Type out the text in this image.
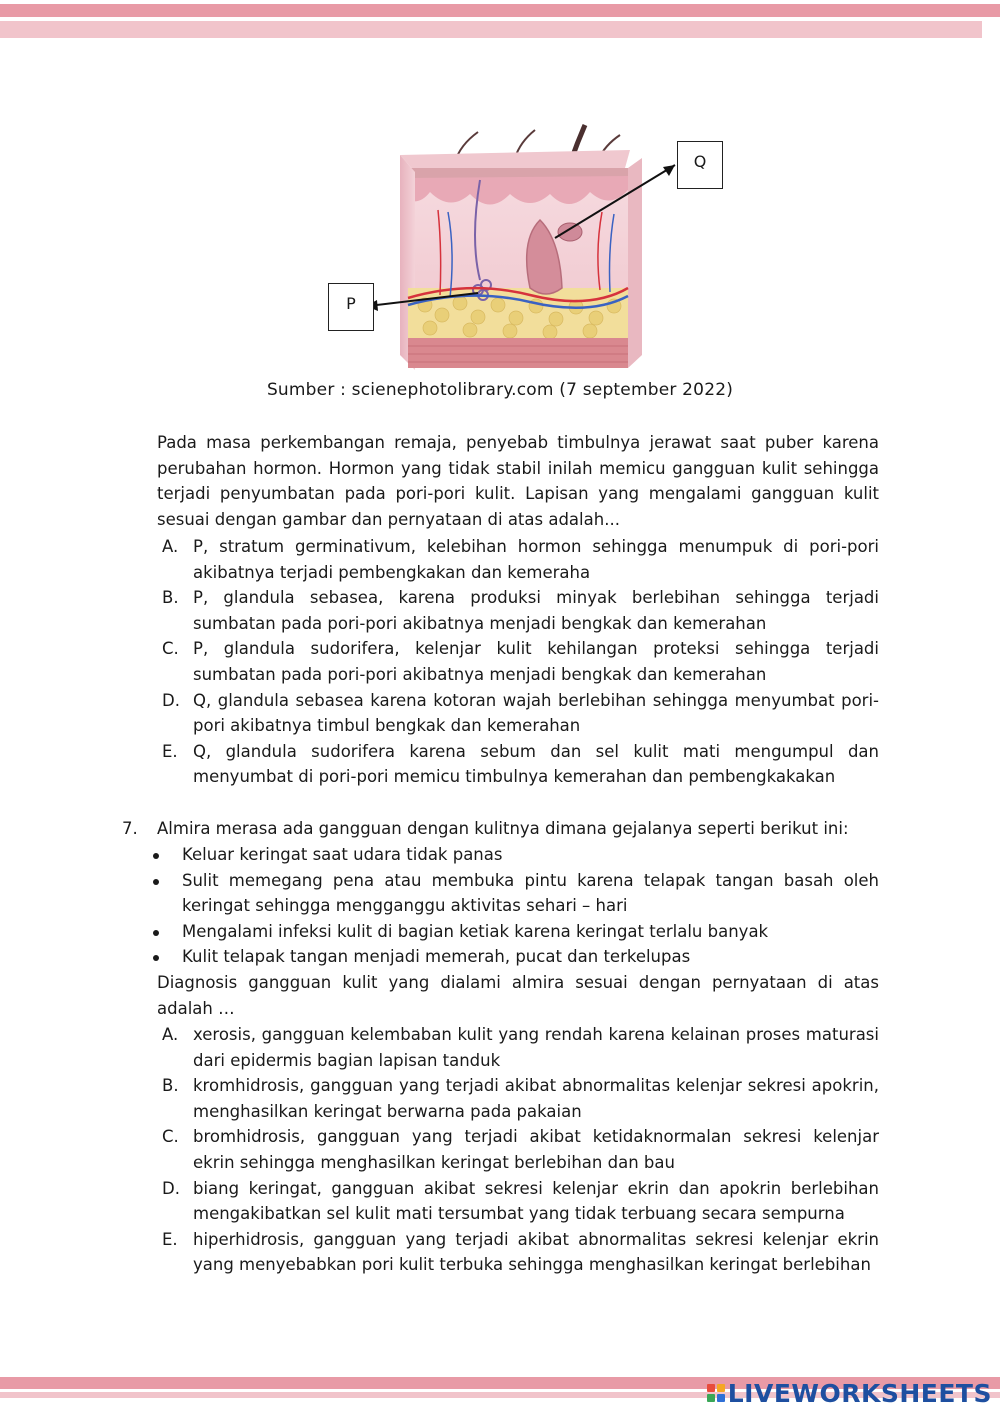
Q
P
Sumber : scienephotolibrary.com (7 september 2022)
Pada masa perkembangan remaja, penyebab timbulnya jerawat saat puber karena perubahan hormon. Hormon yang tidak stabil inilah memicu gangguan kulit sehingga terjadi penyumbatan pada pori-pori kulit. Lapisan yang mengalami gangguan kulit sesuai dengan gambar dan pernyataan di atas adalah...
A. P, stratum germinativum, kelebihan hormon sehingga menumpuk di pori-pori akibatnya terjadi pembengkakan dan kemeraha
B. P, glandula sebasea, karena produksi minyak berlebihan sehingga terjadi sumbatan pada pori-pori akibatnya menjadi bengkak dan kemerahan
C. P, glandula sudorifera, kelenjar kulit kehilangan proteksi sehingga terjadi sumbatan pada pori-pori akibatnya menjadi bengkak dan kemerahan
D. Q, glandula sebasea karena kotoran wajah berlebihan sehingga menyumbat pori-pori akibatnya timbul bengkak dan kemerahan
E. Q, glandula sudorifera karena sebum dan sel kulit mati mengumpul dan menyumbat di pori-pori memicu timbulnya kemerahan dan pembengkakakan
7. Almira merasa ada gangguan dengan kulitnya dimana gejalanya seperti berikut ini:
Keluar keringat saat udara tidak panas
Sulit memegang pena atau membuka pintu karena telapak tangan basah oleh keringat sehingga mengganggu aktivitas sehari – hari
Mengalami infeksi kulit di bagian ketiak karena keringat terlalu banyak
Kulit telapak tangan menjadi memerah, pucat dan terkelupas
Diagnosis gangguan kulit yang dialami almira sesuai dengan pernyataan di atas adalah …
A. xerosis, gangguan kelembaban kulit yang rendah karena kelainan proses maturasi dari epidermis bagian lapisan tanduk
B. kromhidrosis, gangguan yang terjadi akibat abnormalitas kelenjar sekresi apokrin, menghasilkan keringat berwarna pada pakaian
C. bromhidrosis, gangguan yang terjadi akibat ketidaknormalan sekresi kelenjar ekrin sehingga menghasilkan keringat berlebihan dan bau
D. biang keringat, gangguan akibat sekresi kelenjar ekrin dan apokrin berlebihan mengakibatkan sel kulit mati tersumbat yang tidak terbuang secara sempurna
E. hiperhidrosis, gangguan yang terjadi akibat abnormalitas sekresi kelenjar ekrin yang menyebabkan pori kulit terbuka sehingga menghasilkan keringat berlebihan
LIVEWORKSHEETS
